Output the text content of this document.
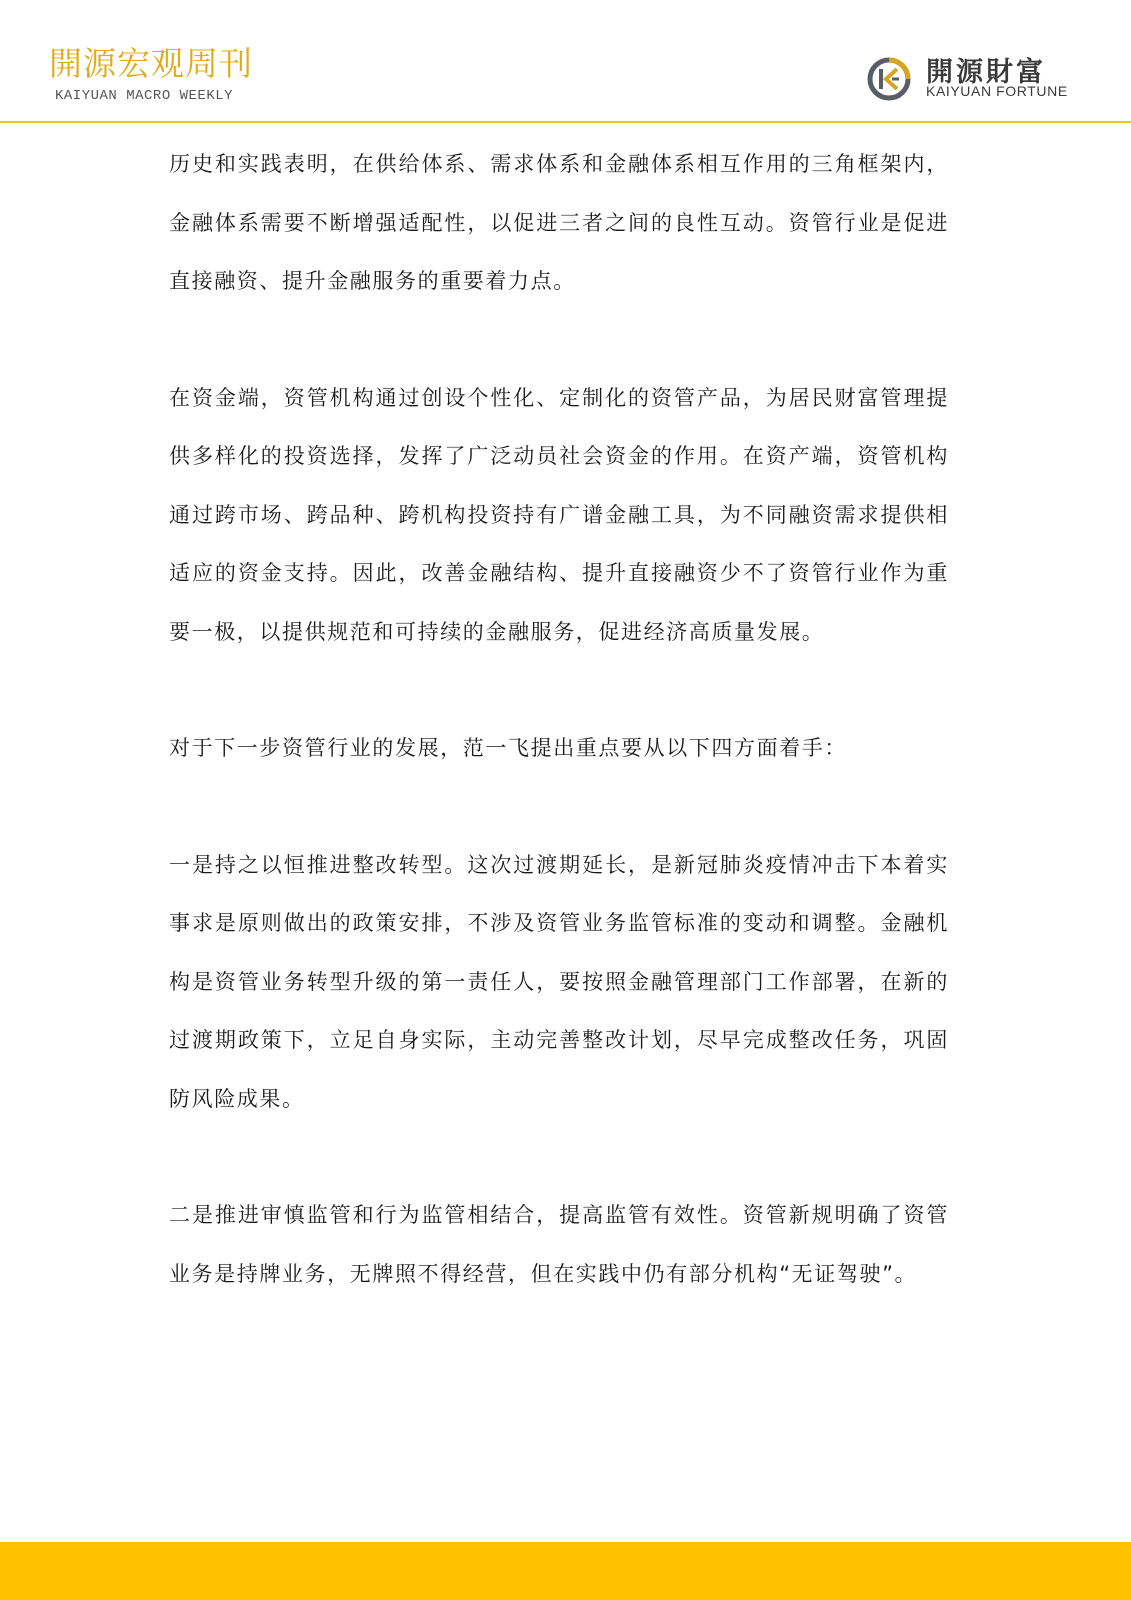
開源宏观周刊
KAIYUAN MACRO WEEKLY
開源財富
KAIYUAN FORTUNE

历史和实践表明，在供给体系、需求体系和金融体系相互作用的三角框架内，金融体系需要不断增强适配性，以促进三者之间的良性互动。资管行业是促进直接融资、提升金融服务的重要着力点。

在资金端，资管机构通过创设个性化、定制化的资管产品，为居民财富管理提供多样化的投资选择，发挥了广泛动员社会资金的作用。在资产端，资管机构通过跨市场、跨品种、跨机构投资持有广谱金融工具，为不同融资需求提供相适应的资金支持。因此，改善金融结构、提升直接融资少不了资管行业作为重要一极，以提供规范和可持续的金融服务，促进经济高质量发展。

对于下一步资管行业的发展，范一飞提出重点要从以下四方面着手：

一是持之以恒推进整改转型。这次过渡期延长，是新冠肺炎疫情冲击下本着实事求是原则做出的政策安排，不涉及资管业务监管标准的变动和调整。金融机构是资管业务转型升级的第一责任人，要按照金融管理部门工作部署，在新的过渡期政策下，立足自身实际，主动完善整改计划，尽早完成整改任务，巩固防风险成果。

二是推进审慎监管和行为监管相结合，提高监管有效性。资管新规明确了资管业务是持牌业务，无牌照不得经营，但在实践中仍有部分机构“无证驾驶”。
